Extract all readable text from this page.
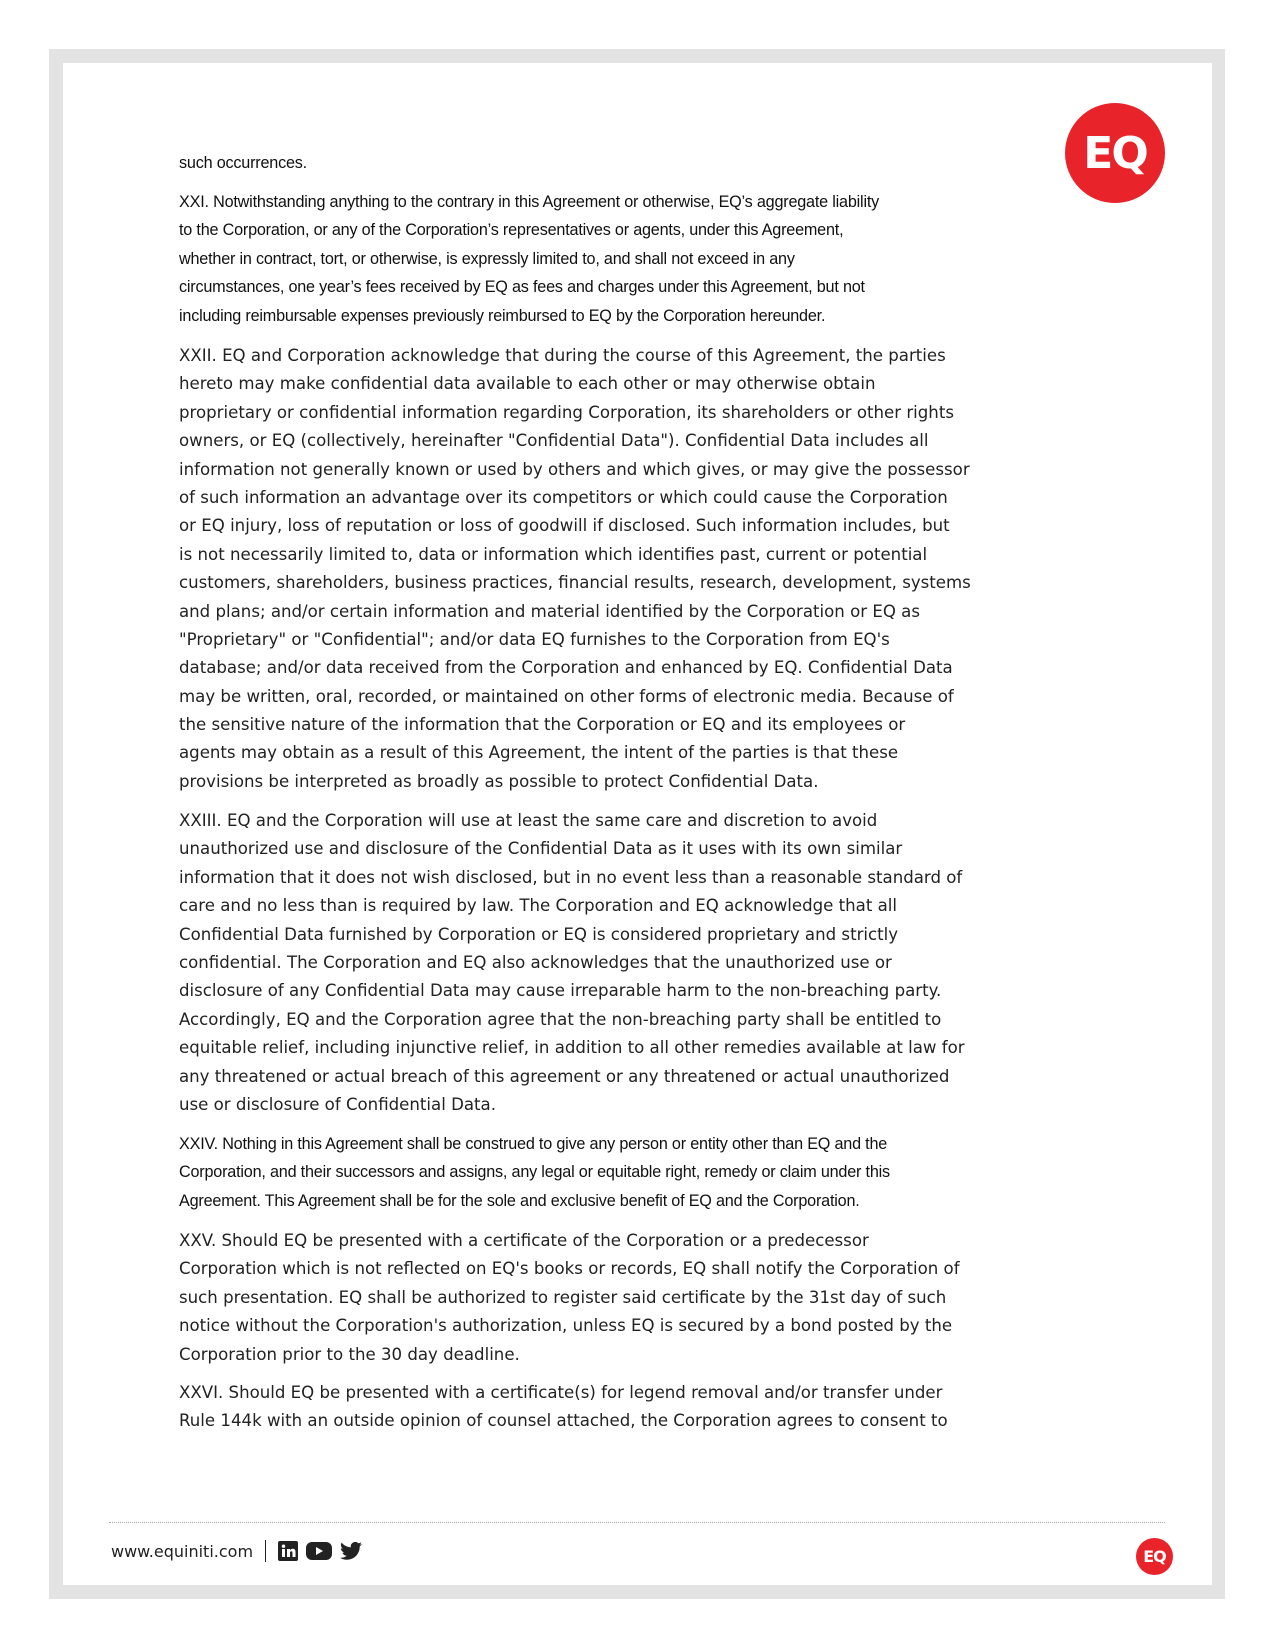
EQ
such occurrences.
XXI. Notwithstanding anything to the contrary in this Agreement or otherwise, EQ’s aggregate liability
to the Corporation, or any of the Corporation’s representatives or agents, under this Agreement,
whether in contract, tort, or otherwise, is expressly limited to, and shall not exceed in any
circumstances, one year’s fees received by EQ as fees and charges under this Agreement, but not
including reimbursable expenses previously reimbursed to EQ by the Corporation hereunder.
XXII. EQ and Corporation acknowledge that during the course of this Agreement, the parties
hereto may make confidential data available to each other or may otherwise obtain
proprietary or confidential information regarding Corporation, its shareholders or other rights
owners, or EQ (collectively, hereinafter "Confidential Data"). Confidential Data includes all
information not generally known or used by others and which gives, or may give the possessor
of such information an advantage over its competitors or which could cause the Corporation
or EQ injury, loss of reputation or loss of goodwill if disclosed. Such information includes, but
is not necessarily limited to, data or information which identifies past, current or potential
customers, shareholders, business practices, financial results, research, development, systems
and plans; and/or certain information and material identified by the Corporation or EQ as
"Proprietary" or "Confidential"; and/or data EQ furnishes to the Corporation from EQ's
database; and/or data received from the Corporation and enhanced by EQ. Confidential Data
may be written, oral, recorded, or maintained on other forms of electronic media. Because of
the sensitive nature of the information that the Corporation or EQ and its employees or
agents may obtain as a result of this Agreement, the intent of the parties is that these
provisions be interpreted as broadly as possible to protect Confidential Data.
XXIII. EQ and the Corporation will use at least the same care and discretion to avoid
unauthorized use and disclosure of the Confidential Data as it uses with its own similar
information that it does not wish disclosed, but in no event less than a reasonable standard of
care and no less than is required by law. The Corporation and EQ acknowledge that all
Confidential Data furnished by Corporation or EQ is considered proprietary and strictly
confidential. The Corporation and EQ also acknowledges that the unauthorized use or
disclosure of any Confidential Data may cause irreparable harm to the non-breaching party.
Accordingly, EQ and the Corporation agree that the non-breaching party shall be entitled to
equitable relief, including injunctive relief, in addition to all other remedies available at law for
any threatened or actual breach of this agreement or any threatened or actual unauthorized
use or disclosure of Confidential Data.
XXIV. Nothing in this Agreement shall be construed to give any person or entity other than EQ and the
Corporation, and their successors and assigns, any legal or equitable right, remedy or claim under this
Agreement. This Agreement shall be for the sole and exclusive benefit of EQ and the Corporation.
XXV. Should EQ be presented with a certificate of the Corporation or a predecessor
Corporation which is not reflected on EQ's books or records, EQ shall notify the Corporation of
such presentation. EQ shall be authorized to register said certificate by the 31st day of such
notice without the Corporation's authorization, unless EQ is secured by a bond posted by the
Corporation prior to the 30 day deadline.
XXVI. Should EQ be presented with a certificate(s) for legend removal and/or transfer under
Rule 144k with an outside opinion of counsel attached, the Corporation agrees to consent to
www.equiniti.com	EQ
